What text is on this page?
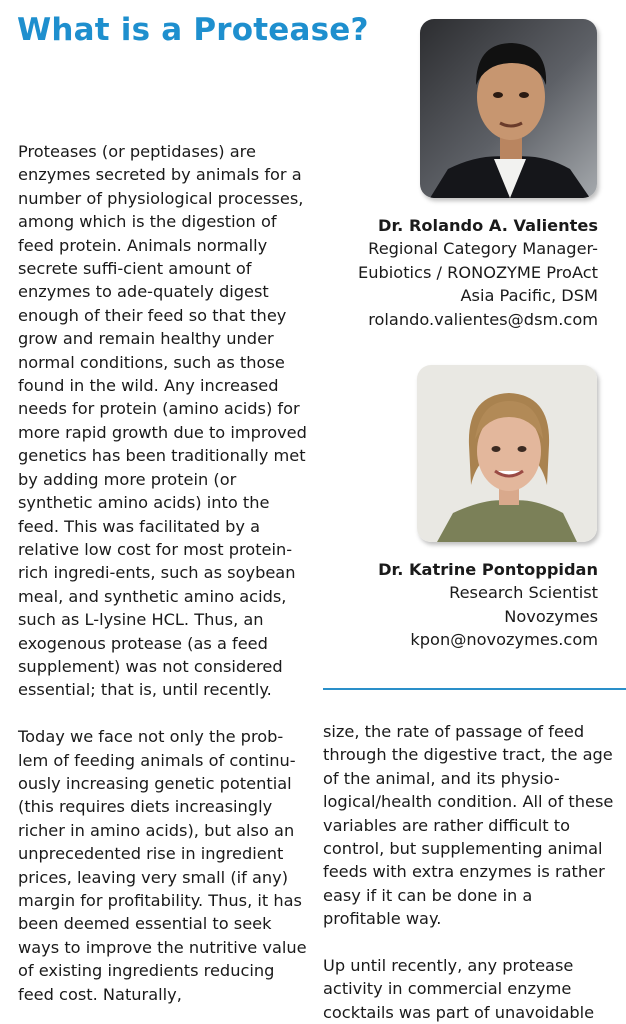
What is a Protease?

Proteases (or peptidases) are enzymes secreted by animals for a number of physiological processes, among which is the digestion of feed protein. Animals normally secrete suffi-cient amount of enzymes to ade-quately digest enough of their feed so that they grow and remain healthy under normal conditions, such as those found in the wild. Any increased needs for protein (amino acids) for more rapid growth due to improved genetics has been traditionally met by adding more protein (or synthetic amino acids) into the feed. This was facilitated by a relative low cost for most protein-rich ingredi-ents, such as soybean meal, and synthetic amino acids, such as L-lysine HCL. Thus, an exogenous protease (as a feed supplement) was not considered essential; that is, until recently.

Today we face not only the prob-lem of feeding animals of continu-ously increasing genetic potential (this requires diets increasingly richer in amino acids), but also an unprecedented rise in ingredient prices, leaving very small (if any) margin for profitability. Thus, it has been deemed essential to seek ways to improve the nutritive value of existing ingredients reducing feed cost. Naturally,

Dr. Rolando A. Valientes
Regional Category Manager-
Eubiotics / RONOZYME ProAct
Asia Pacific, DSM
rolando.valientes@dsm.com
Dr. Katrine Pontoppidan
Research Scientist
Novozymes
kpon@novozymes.com

size, the rate of passage of feed through the digestive tract, the age of the animal, and its physio-logical/health condition. All of these variables are rather difficult to control, but supplementing animal feeds with extra enzymes is rather easy if it can be done in a profitable way.

Up until recently, any protease activity in commercial enzyme cocktails was part of unavoidable
